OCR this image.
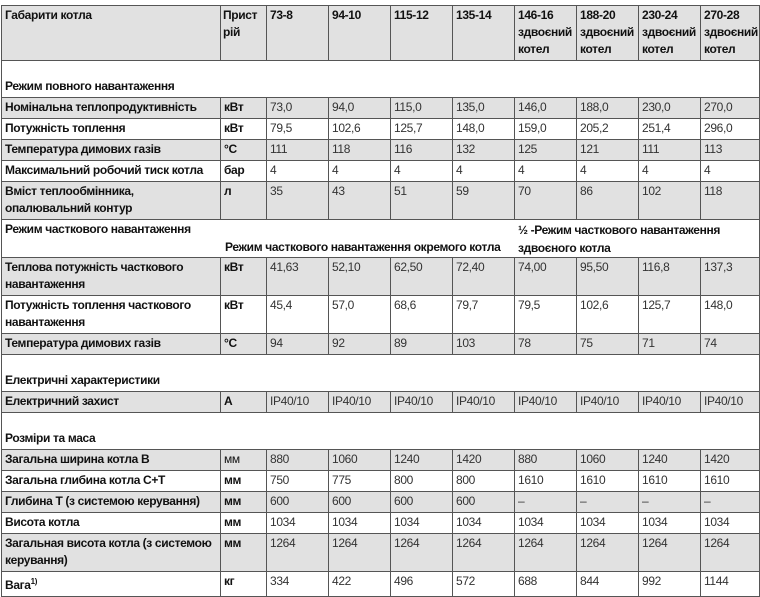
Габарити котла	Пристрій	73-8	94-10	115-12	135-14	146-16 здвоєний котел	188-20 здвоєний котел	230-24 здвоєний котел	270-28 здвоєний котел
Режим повного навантаження									
Номінальна теплопродуктивність	кВт	73,0	94,0	115,0	135,0	146,0	188,0	230,0	270,0
Потужність топлення	кВт	79,5	102,6	125,7	148,0	159,0	205,2	251,4	296,0
Температура димових газів	°C	111	118	116	132	125	121	111	113
Максимальний робочий тиск котла	бар	4	4	4	4	4	4	4	4
Вміст теплообмінника, опалювальний контур	л	35	43	51	59	70	86	102	118
Режим часткового навантаження
Режим часткового навантаження окремого котла
½ -Режим часткового навантаження здвоєного котла									

Теплова потужність часткового навантаження	кВт	41,63	52,10	62,50	72,40	74,00	95,50	116,8	137,3
Потужність топлення часткового навантаження	кВт	45,4	57,0	68,6	79,7	79,5	102,6	125,7	148,0
Температура димових газів	°C	94	92	89	103	78	75	71	74
Електричні характеристики									
Електричний захист	A	IP40/10	IP40/10	IP40/10	IP40/10	IP40/10	IP40/10	IP40/10	IP40/10
Розміри та маса									
Загальна ширина котла B	мм	880	1060	1240	1420	880	1060	1240	1420
Загальна глибина котла C+T	мм	750	775	800	800	1610	1610	1610	1610
Глибина T (з системою керування)	мм	600	600	600	600	–	–	–	–
Висота котла	мм	1034	1034	1034	1034	1034	1034	1034	1034
Загальная висота котла (з системою керування)	мм	1264	1264	1264	1264	1264	1264	1264	1264
Вага$^{1)}$	кг	334	422	496	572	688	844	992	1144
